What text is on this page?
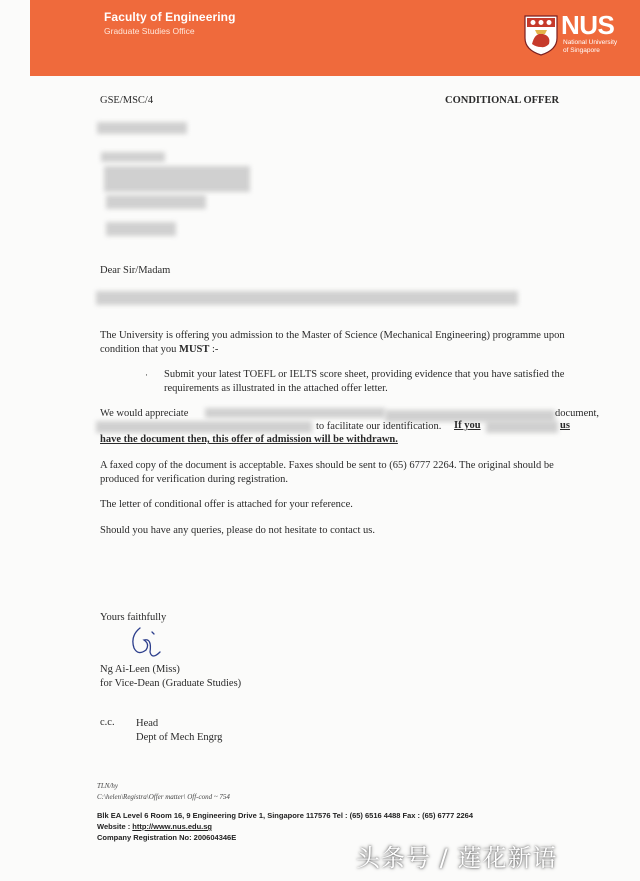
Faculty of Engineering
Graduate Studies Office	NUS
National University
of Singapore
GSE/MSC/4	CONDITIONAL OFFER
Dear Sir/Madam
The University is offering you admission to the Master of Science (Mechanical Engineering) programme upon condition that you MUST :-
· Submit your latest TOEFL or IELTS score sheet, providing evidence that you have satisfied the requirements as illustrated in the attached offer letter.
We would appreciate	document,
to facilitate our identification.	If you	us
have the document then, this offer of admission will be withdrawn.
A faxed copy of the document is acceptable. Faxes should be sent to (65) 6777 2264. The original should be produced for verification during registration.
The letter of conditional offer is attached for your reference.
Should you have any queries, please do not hesitate to contact us.
Yours faithfully
Ng Ai-Leen (Miss)
for Vice-Dean (Graduate Studies)
c.c. Head
Dept of Mech Engrg
TLN/hy
C:\helen\Registra\Offer matter\ Off-cond ~ 754
Blk EA Level 6 Room 16, 9 Engineering Drive 1, Singapore 117576 Tel : (65) 6516 4488 Fax : (65) 6777 2264
Website : http://www.nus.edu.sg
Company Registration No: 200604346E
头条号 / 莲花新语
